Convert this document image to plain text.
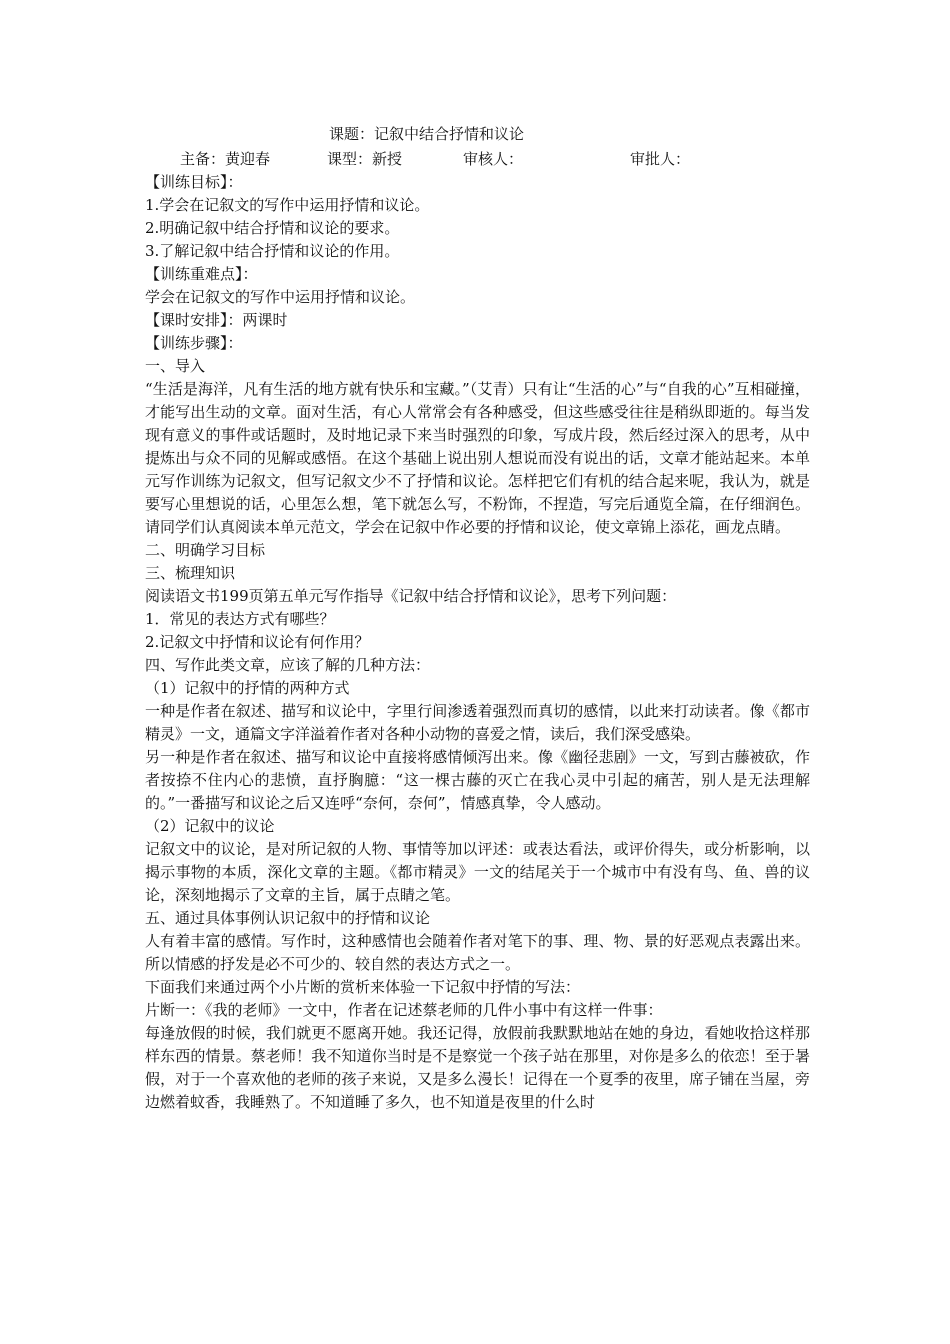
课题：记叙中结合抒情和议论
主备：黄迎春	课型：新授	审核人：	审批人：
【训练目标】：
1.学会在记叙文的写作中运用抒情和议论。
2.明确记叙中结合抒情和议论的要求。
3.了解记叙中结合抒情和议论的作用。
【训练重难点】：
学会在记叙文的写作中运用抒情和议论。
【课时安排】：两课时
【训练步骤】：
一、导入

“生活是海洋，凡有生活的地方就有快乐和宝藏。”（艾青）只有让“生活的心”与“自我的心”互相碰撞，才能写出生动的文章。面对生活，有心人常常会有各种感受，但这些感受往往是稍纵即逝的。每当发现有意义的事件或话题时，及时地记录下来当时强烈的印象，写成片段，然后经过深入的思考，从中提炼出与众不同的见解或感悟。在这个基础上说出别人想说而没有说出的话，文章才能站起来。本单元写作训练为记叙文，但写记叙文少不了抒情和议论。怎样把它们有机的结合起来呢，我认为，就是要写心里想说的话，心里怎么想，笔下就怎么写，不粉饰，不捏造，写完后通览全篇，在仔细润色。请同学们认真阅读本单元范文，学会在记叙中作必要的抒情和议论，使文章锦上添花，画龙点睛。

二、明确学习目标
三、梳理知识
阅读语文书199页第五单元写作指导《记叙中结合抒情和议论》，思考下列问题：
1．常见的表达方式有哪些？
2.记叙文中抒情和议论有何作用？
四、写作此类文章，应该了解的几种方法：
（1）记叙中的抒情的两种方式

一种是作者在叙述、描写和议论中，字里行间渗透着强烈而真切的感情，以此来打动读者。像《都市精灵》一文，通篇文字洋溢着作者对各种小动物的喜爱之情，读后，我们深受感染。

另一种是作者在叙述、描写和议论中直接将感情倾泻出来。像《幽径悲剧》一文，写到古藤被砍，作者按捺不住内心的悲愤，直抒胸臆：“这一棵古藤的灭亡在我心灵中引起的痛苦，别人是无法理解的。”一番描写和议论之后又连呼“奈何，奈何”，情感真挚，令人感动。

（2）记叙中的议论

记叙文中的议论，是对所记叙的人物、事情等加以评述：或表达看法，或评价得失，或分析影响，以揭示事物的本质，深化文章的主题。《都市精灵》一文的结尾关于一个城市中有没有鸟、鱼、兽的议论，深刻地揭示了文章的主旨，属于点睛之笔。

五、通过具体事例认识记叙中的抒情和议论

人有着丰富的感情。写作时，这种感情也会随着作者对笔下的事、理、物、景的好恶观点表露出来。所以情感的抒发是必不可少的、较自然的表达方式之一。

下面我们来通过两个小片断的赏析来体验一下记叙中抒情的写法：
片断一：《我的老师》一文中，作者在记述蔡老师的几件小事中有这样一件事：

每逢放假的时候，我们就更不愿离开她。我还记得，放假前我默默地站在她的身边，看她收拾这样那样东西的情景。蔡老师！我不知道你当时是不是察觉一个孩子站在那里，对你是多么的依恋！至于暑假，对于一个喜欢他的老师的孩子来说，又是多么漫长！记得在一个夏季的夜里，席子铺在当屋，旁边燃着蚊香，我睡熟了。不知道睡了多久，也不知道是夜里的什么时
